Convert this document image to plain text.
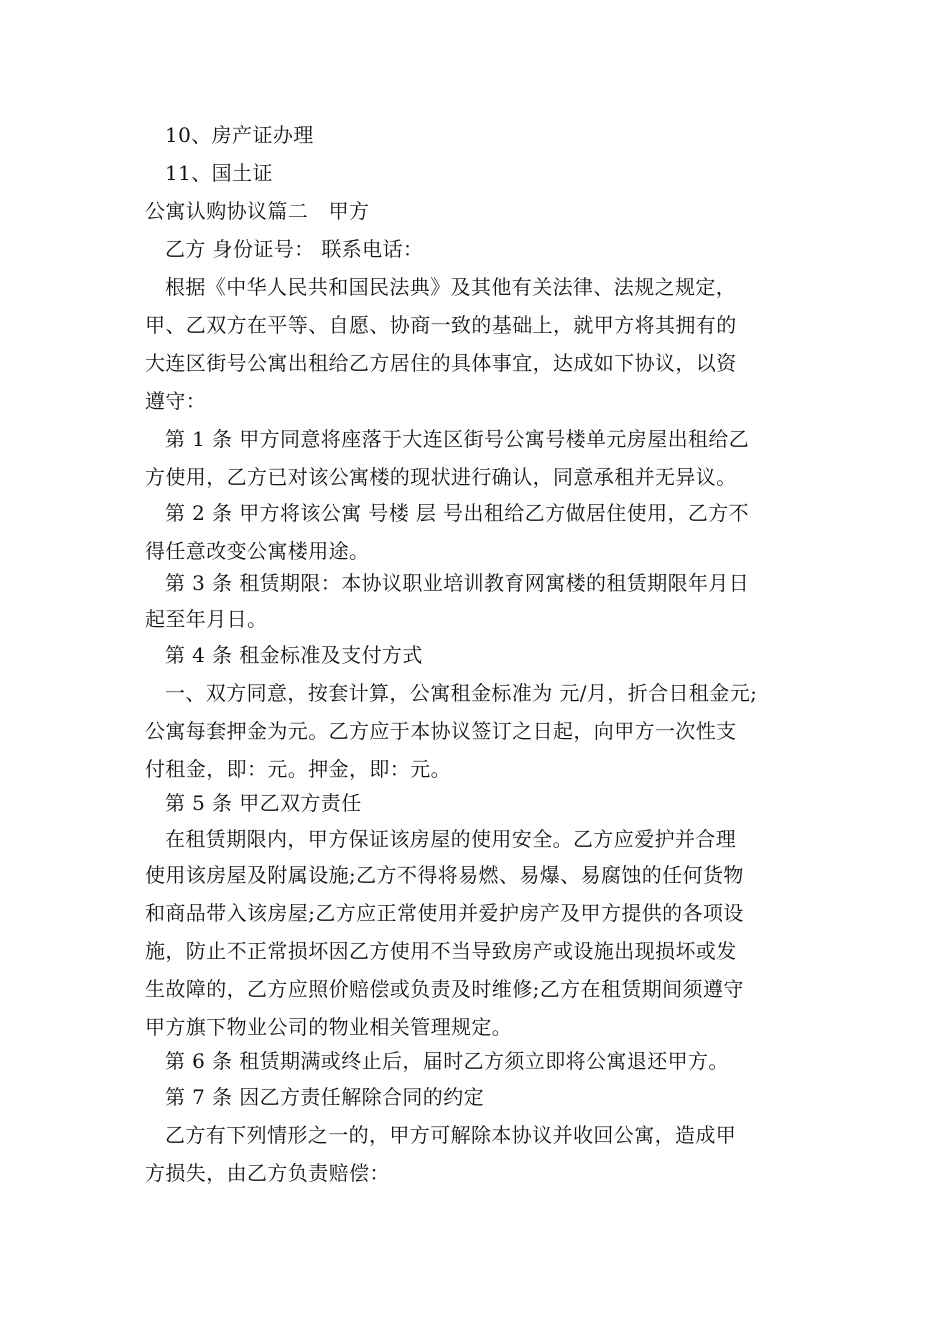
10、房产证办理
11、国土证
公寓认购协议篇二　甲方
乙方 身份证号： 联系电话：
根据《中华人民共和国民法典》及其他有关法律、法规之规定，
甲、乙双方在平等、自愿、协商一致的基础上，就甲方将其拥有的
大连区街号公寓出租给乙方居住的具体事宜，达成如下协议，以资
遵守：
第 1 条 甲方同意将座落于大连区街号公寓号楼单元房屋出租给乙
方使用，乙方已对该公寓楼的现状进行确认，同意承租并无异议。
第 2 条 甲方将该公寓 号楼 层 号出租给乙方做居住使用，乙方不
得任意改变公寓楼用途。
第 3 条 租赁期限：本协议职业培训教育网寓楼的租赁期限年月日
起至年月日。
第 4 条 租金标准及支付方式
一、双方同意，按套计算，公寓租金标准为 元/月，折合日租金元;
公寓每套押金为元。乙方应于本协议签订之日起，向甲方一次性支
付租金，即：元。押金，即：元。
第 5 条 甲乙双方责任
在租赁期限内，甲方保证该房屋的使用安全。乙方应爱护并合理
使用该房屋及附属设施;乙方不得将易燃、易爆、易腐蚀的任何货物
和商品带入该房屋;乙方应正常使用并爱护房产及甲方提供的各项设
施，防止不正常损坏因乙方使用不当导致房产或设施出现损坏或发
生故障的，乙方应照价赔偿或负责及时维修;乙方在租赁期间须遵守
甲方旗下物业公司的物业相关管理规定。
第 6 条 租赁期满或终止后，届时乙方须立即将公寓退还甲方。
第 7 条 因乙方责任解除合同的约定
乙方有下列情形之一的，甲方可解除本协议并收回公寓，造成甲
方损失，由乙方负责赔偿：
